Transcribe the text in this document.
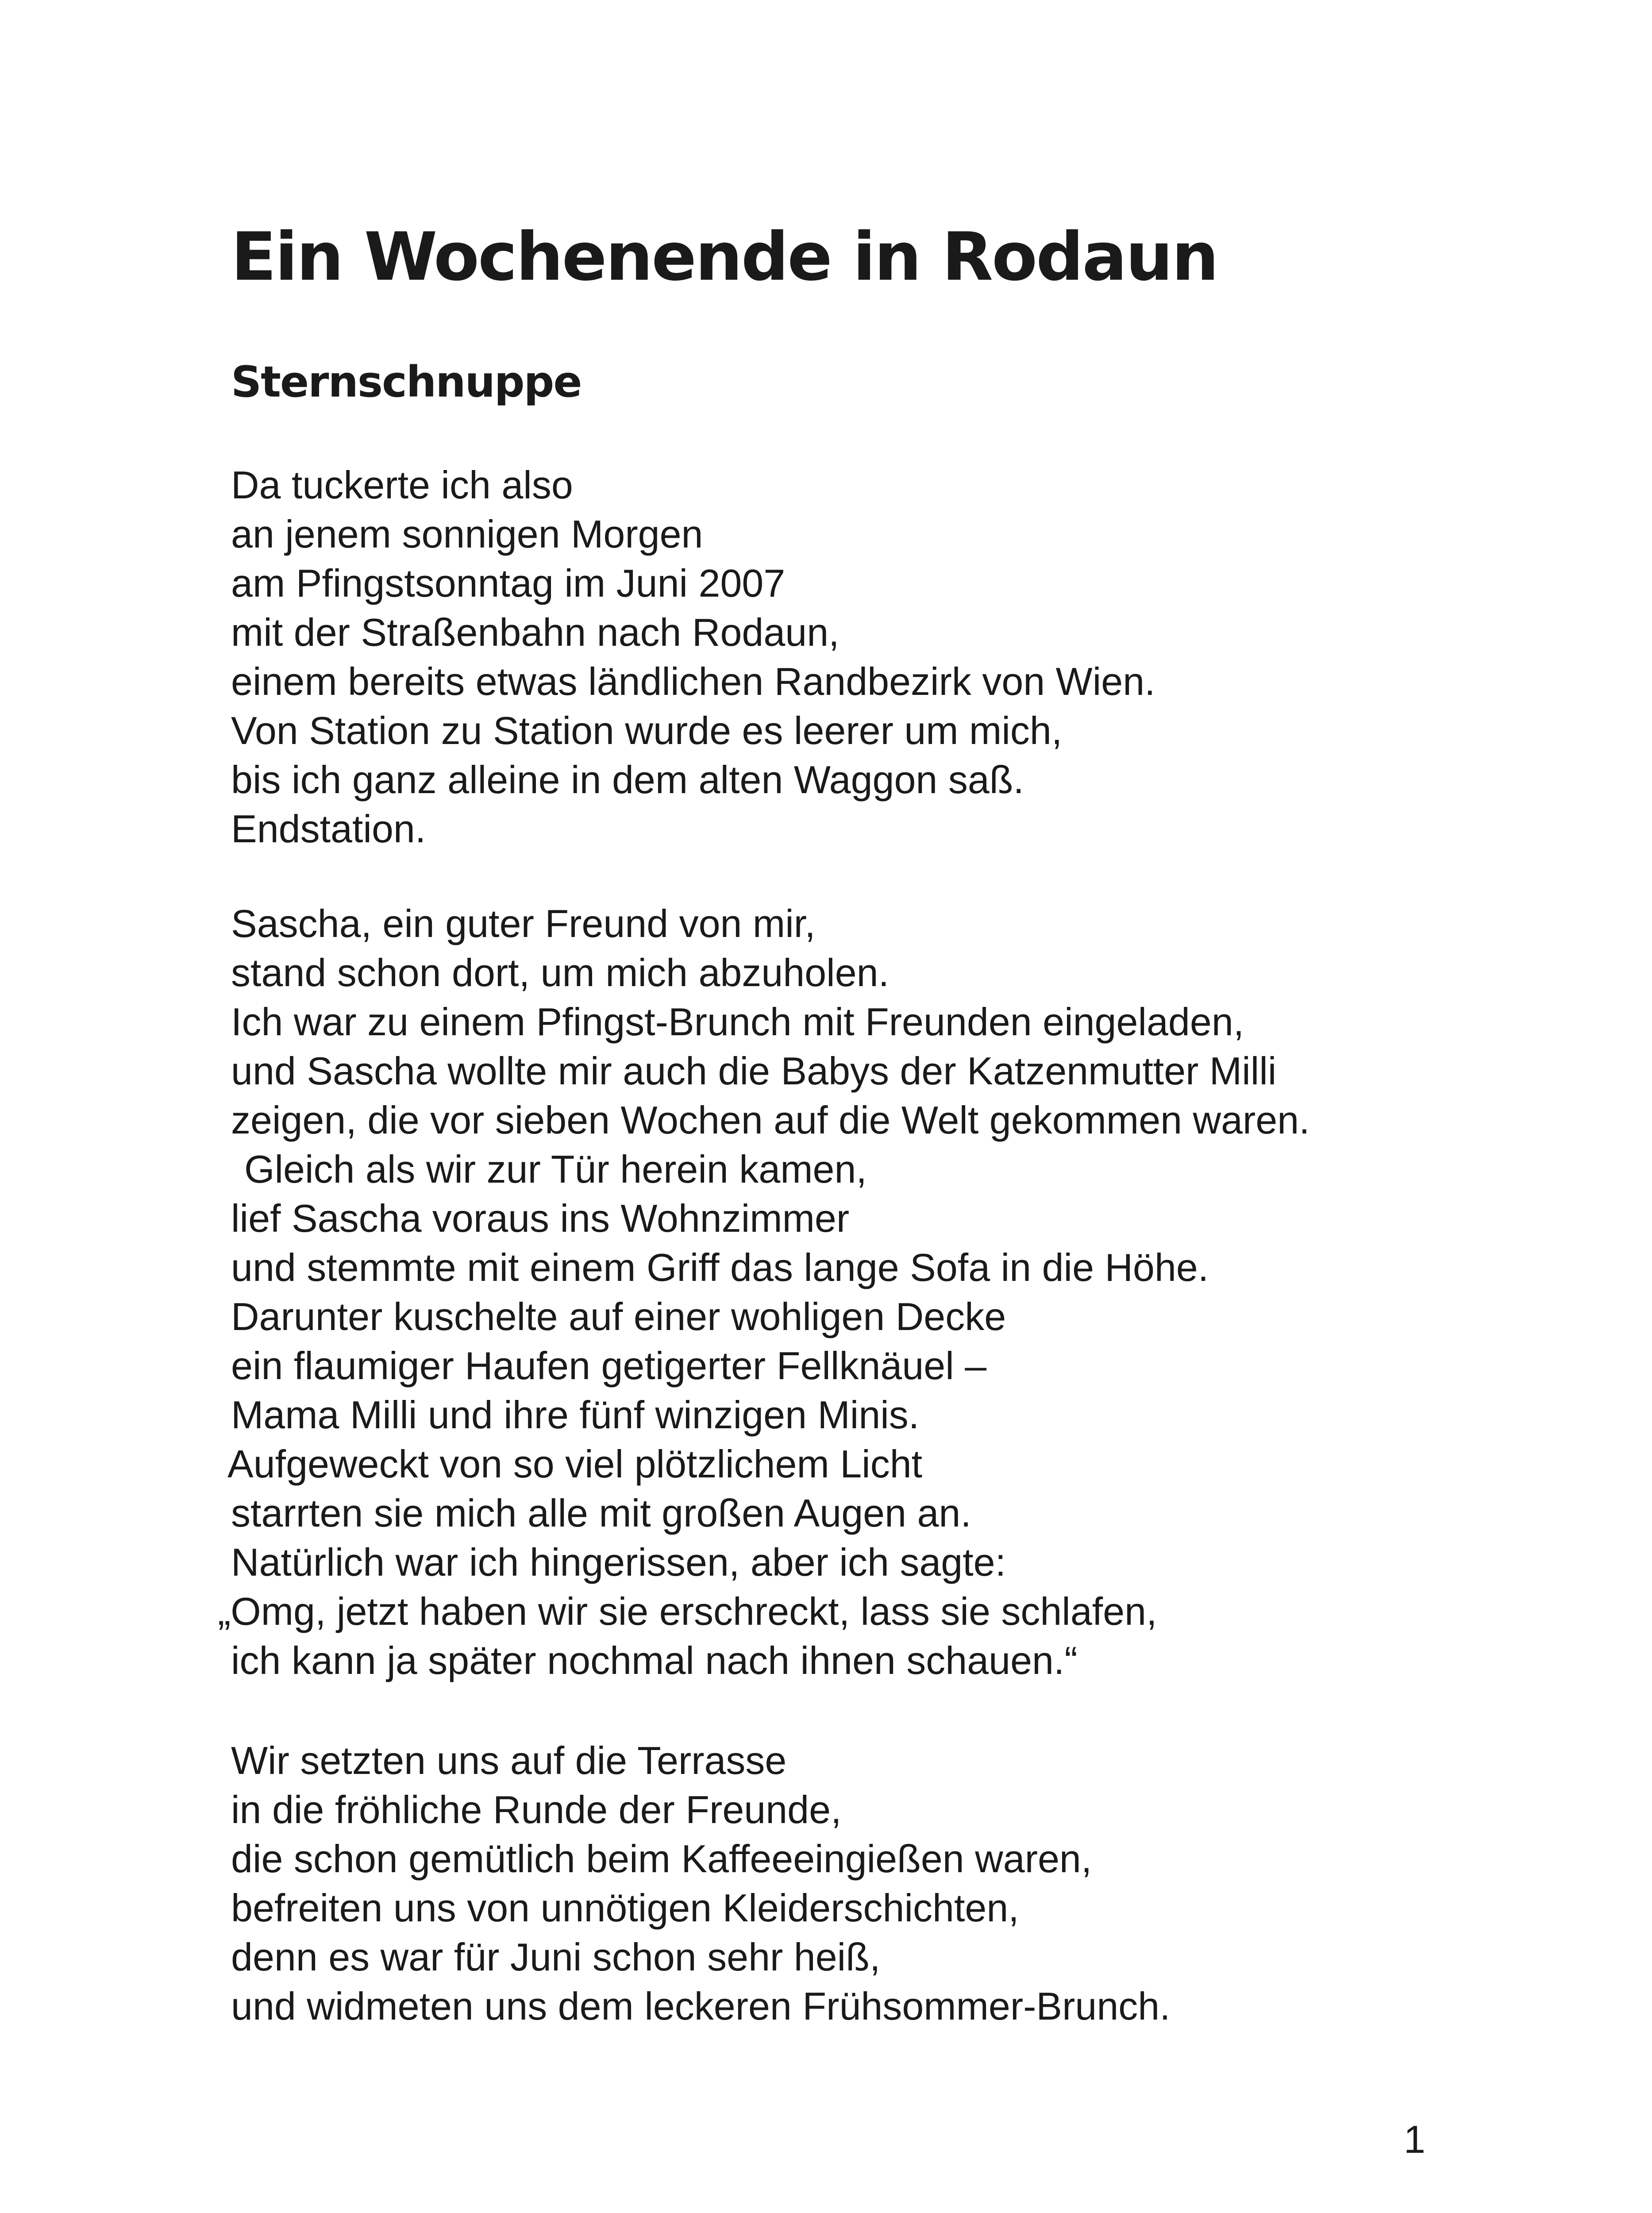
Ein Wochenende in Rodaun
Sternschnuppe
Da tuckerte ich also
an jenem sonnigen Morgen
am Pfingstsonntag im Juni 2007
mit der Straßenbahn nach Rodaun,
einem bereits etwas ländlichen Randbezirk von Wien.
Von Station zu Station wurde es leerer um mich,
bis ich ganz alleine in dem alten Waggon saß.
Endstation.
Sascha, ein guter Freund von mir,
stand schon dort, um mich abzuholen.
Ich war zu einem Pfingst-Brunch mit Freunden eingeladen,
und Sascha wollte mir auch die Babys der Katzenmutter Milli
zeigen, die vor sieben Wochen auf die Welt gekommen waren.
Gleich als wir zur Tür herein kamen,
lief Sascha voraus ins Wohnzimmer
und stemmte mit einem Griff das lange Sofa in die Höhe.
Darunter kuschelte auf einer wohligen Decke
ein flaumiger Haufen getigerter Fellknäuel –
Mama Milli und ihre fünf winzigen Minis.
Aufgeweckt von so viel plötzlichem Licht
starrten sie mich alle mit großen Augen an.
Natürlich war ich hingerissen, aber ich sagte:
„Omg, jetzt haben wir sie erschreckt, lass sie schlafen,
ich kann ja später nochmal nach ihnen schauen.“
Wir setzten uns auf die Terrasse
in die fröhliche Runde der Freunde,
die schon gemütlich beim Kaffeeeingießen waren,
befreiten uns von unnötigen Kleiderschichten,
denn es war für Juni schon sehr heiß,
und widmeten uns dem leckeren Frühsommer-Brunch.

1
